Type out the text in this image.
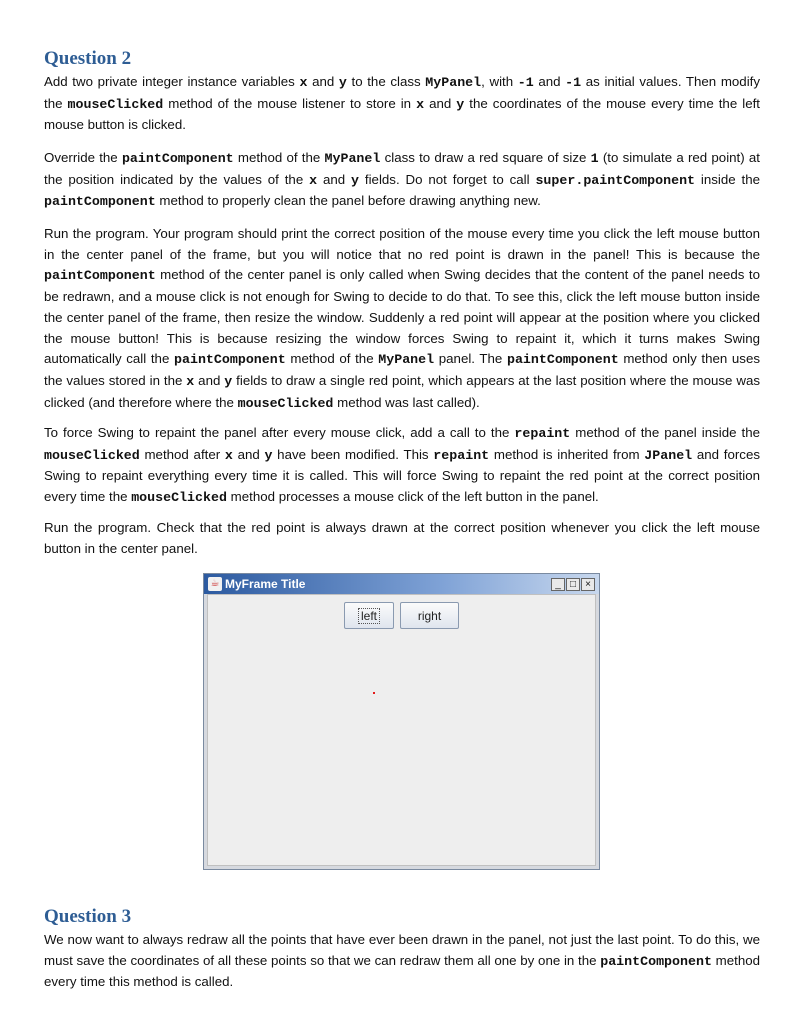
Question 2

Add two private integer instance variables x and y to the class MyPanel, with -1 and -1 as initial values. Then modify the mouseClicked method of the mouse listener to store in x and y the coordinates of the mouse every time the left mouse button is clicked.

Override the paintComponent method of the MyPanel class to draw a red square of size 1 (to simulate a red point) at the position indicated by the values of the x and y fields. Do not forget to call super.paintComponent inside the paintComponent method to properly clean the panel before drawing anything new.

Run the program. Your program should print the correct position of the mouse every time you click the left mouse button in the center panel of the frame, but you will notice that no red point is drawn in the panel! This is because the paintComponent method of the center panel is only called when Swing decides that the content of the panel needs to be redrawn, and a mouse click is not enough for Swing to decide to do that. To see this, click the left mouse button inside the center panel of the frame, then resize the window. Suddenly a red point will appear at the position where you clicked the mouse button! This is because resizing the window forces Swing to repaint it, which it turns makes Swing automatically call the paintComponent method of the MyPanel panel. The paintComponent method only then uses the values stored in the x and y fields to draw a single red point, which appears at the last position where the mouse was clicked (and therefore where the mouseClicked method was last called).

To force Swing to repaint the panel after every mouse click, add a call to the repaint method of the panel inside the mouseClicked method after x and y have been modified. This repaint method is inherited from JPanel and forces Swing to repaint everything every time it is called. This will force Swing to repaint the red point at the correct position every time the mouseClicked method processes a mouse click of the left button in the panel.

Run the program. Check that the red point is always drawn at the correct position whenever you click the left mouse button in the center panel.

Question 3

We now want to always redraw all the points that have ever been drawn in the panel, not just the last point. To do this, we must save the coordinates of all these points so that we can redraw them all one by one in the paintComponent method every time this method is called.

☕ MyFrame Title	_ □ ×
left	right
